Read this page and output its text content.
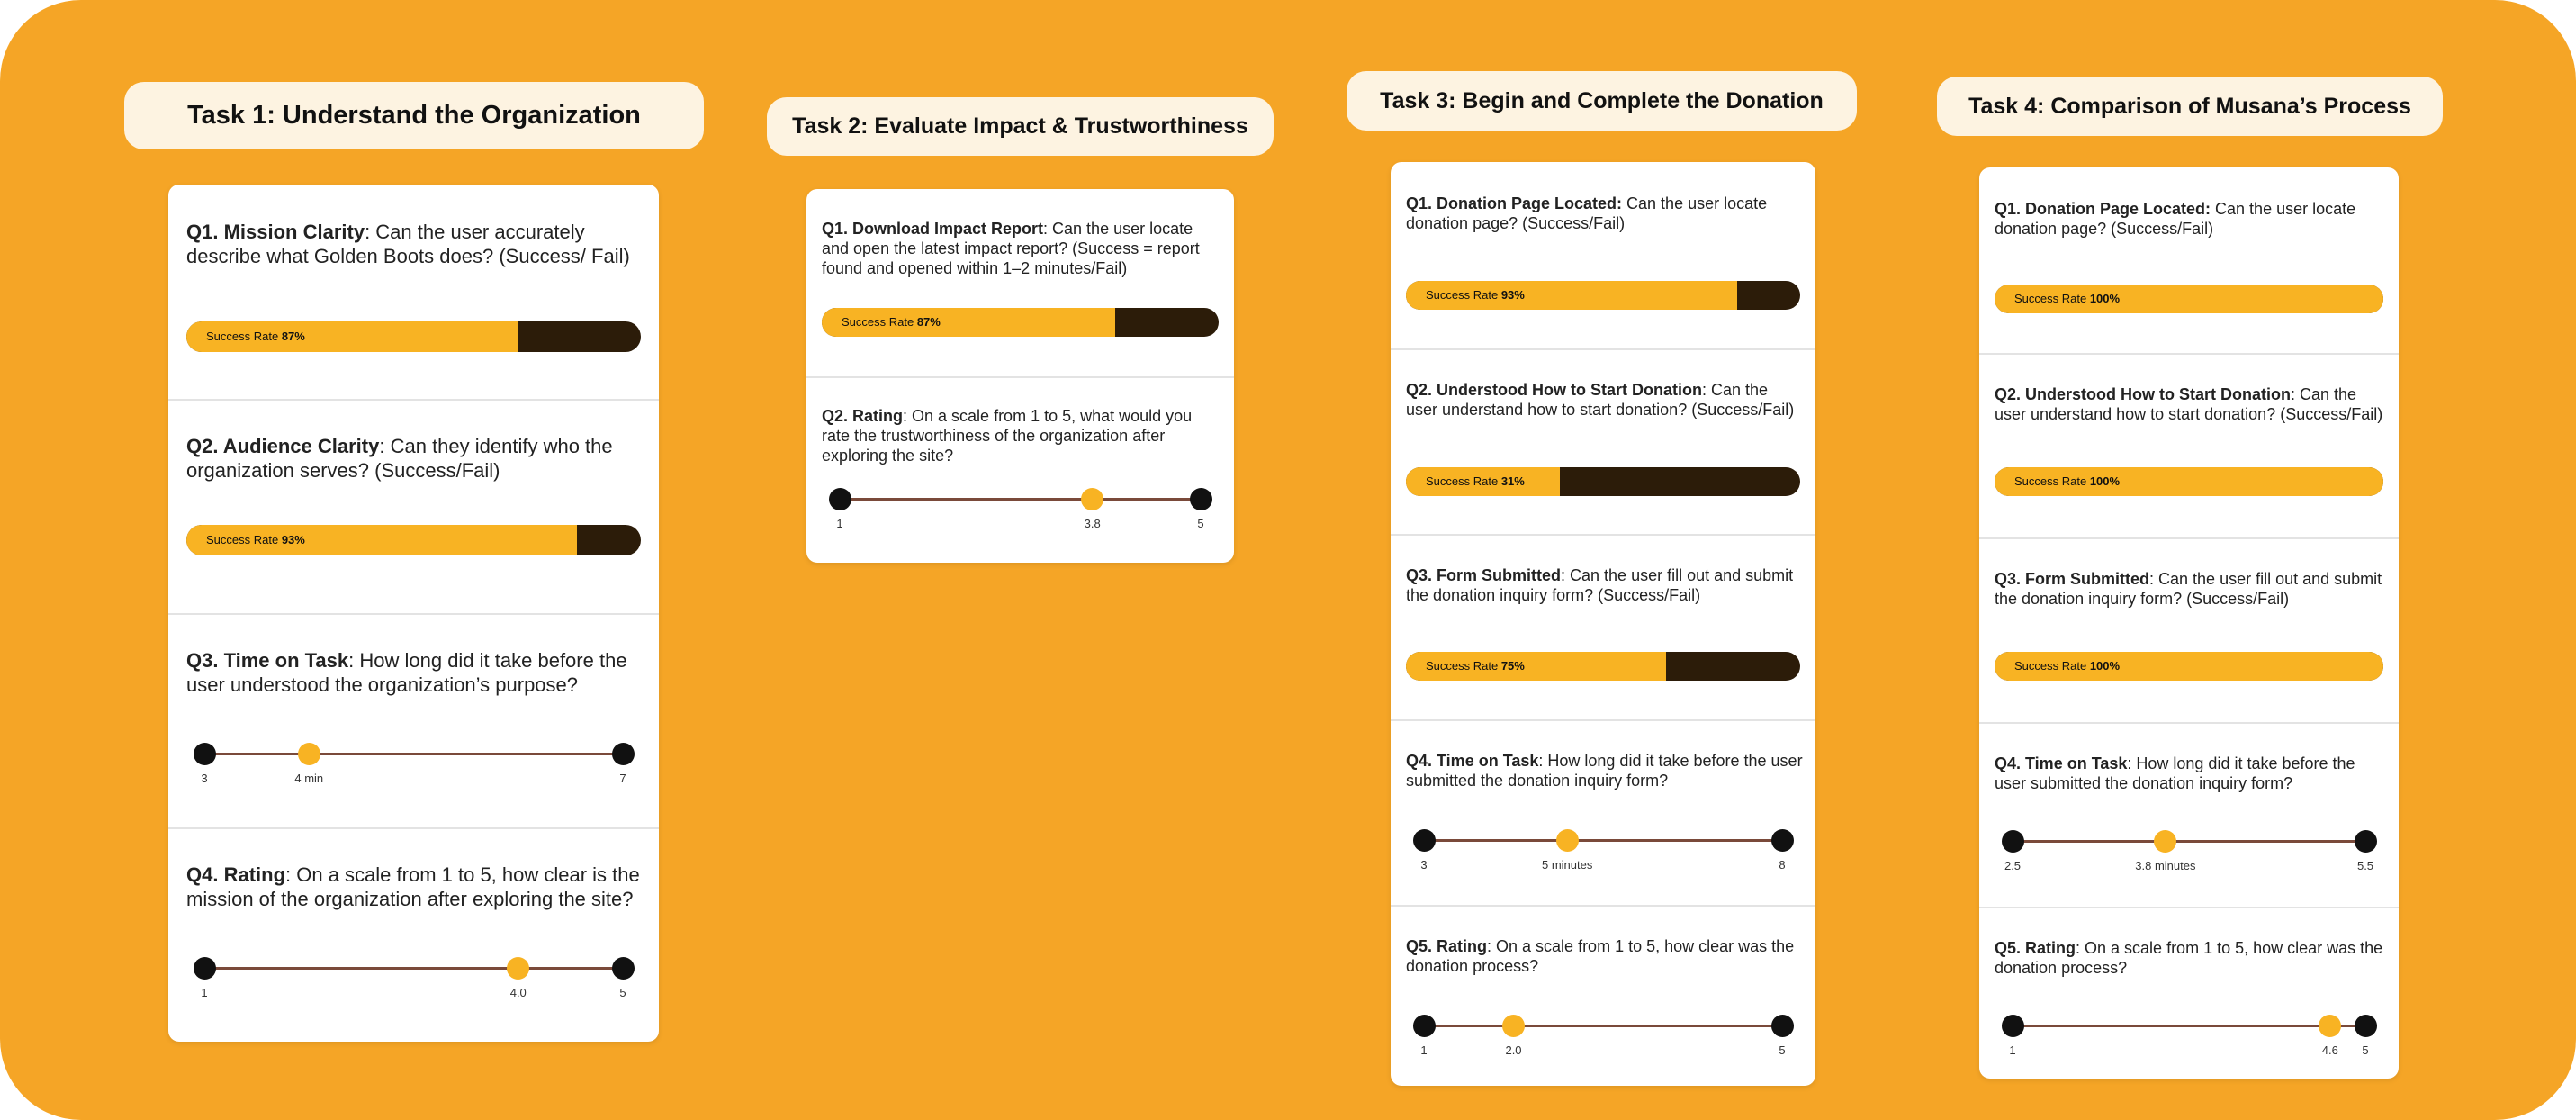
Task 1: Understand the Organization
Q1. Mission Clarity: Can the user accurately describe what Golden Boots does? (Success/ Fail)
Success Rate 87%
Q2. Audience Clarity: Can they identify who the organization serves? (Success/Fail)
Success Rate 93%
Q3. Time on Task: How long did it take before the user understood the organization’s purpose?
3	4 min	7
Q4. Rating: On a scale from 1 to 5, how clear is the mission of the organization after exploring the site?
1	4.0	5
Task 2: Evaluate Impact & Trustworthiness
Q1. Download Impact Report: Can the user locate and open the latest impact report? (Success = report found and opened within 1–2 minutes/Fail)
Success Rate 87%
Q2. Rating: On a scale from 1 to 5, what would you rate the trustworthiness of the organization after exploring the site?
1	3.8	5
Task 3: Begin and Complete the Donation
Q1. Donation Page Located: Can the user locate donation page? (Success/Fail)
Success Rate 93%
Q2. Understood How to Start Donation: Can the user understand how to start donation? (Success/Fail)
Success Rate 31%
Q3. Form Submitted: Can the user fill out and submit the donation inquiry form? (Success/Fail)
Success Rate 75%
Q4. Time on Task: How long did it take before the user submitted the donation inquiry form?
3	5 minutes	8
Q5. Rating: On a scale from 1 to 5, how clear was the donation process?
1	2.0	5
Task 4: Comparison of Musana’s Process
Q1. Donation Page Located: Can the user locate donation page? (Success/Fail)
Success Rate 100%
Q2. Understood How to Start Donation: Can the user understand how to start donation? (Success/Fail)
Success Rate 100%
Q3. Form Submitted: Can the user fill out and submit the donation inquiry form? (Success/Fail)
Success Rate 100%
Q4. Time on Task: How long did it take before the user submitted the donation inquiry form?
2.5	3.8 minutes	5.5
Q5. Rating: On a scale from 1 to 5, how clear was the donation process?
1	4.6 5
